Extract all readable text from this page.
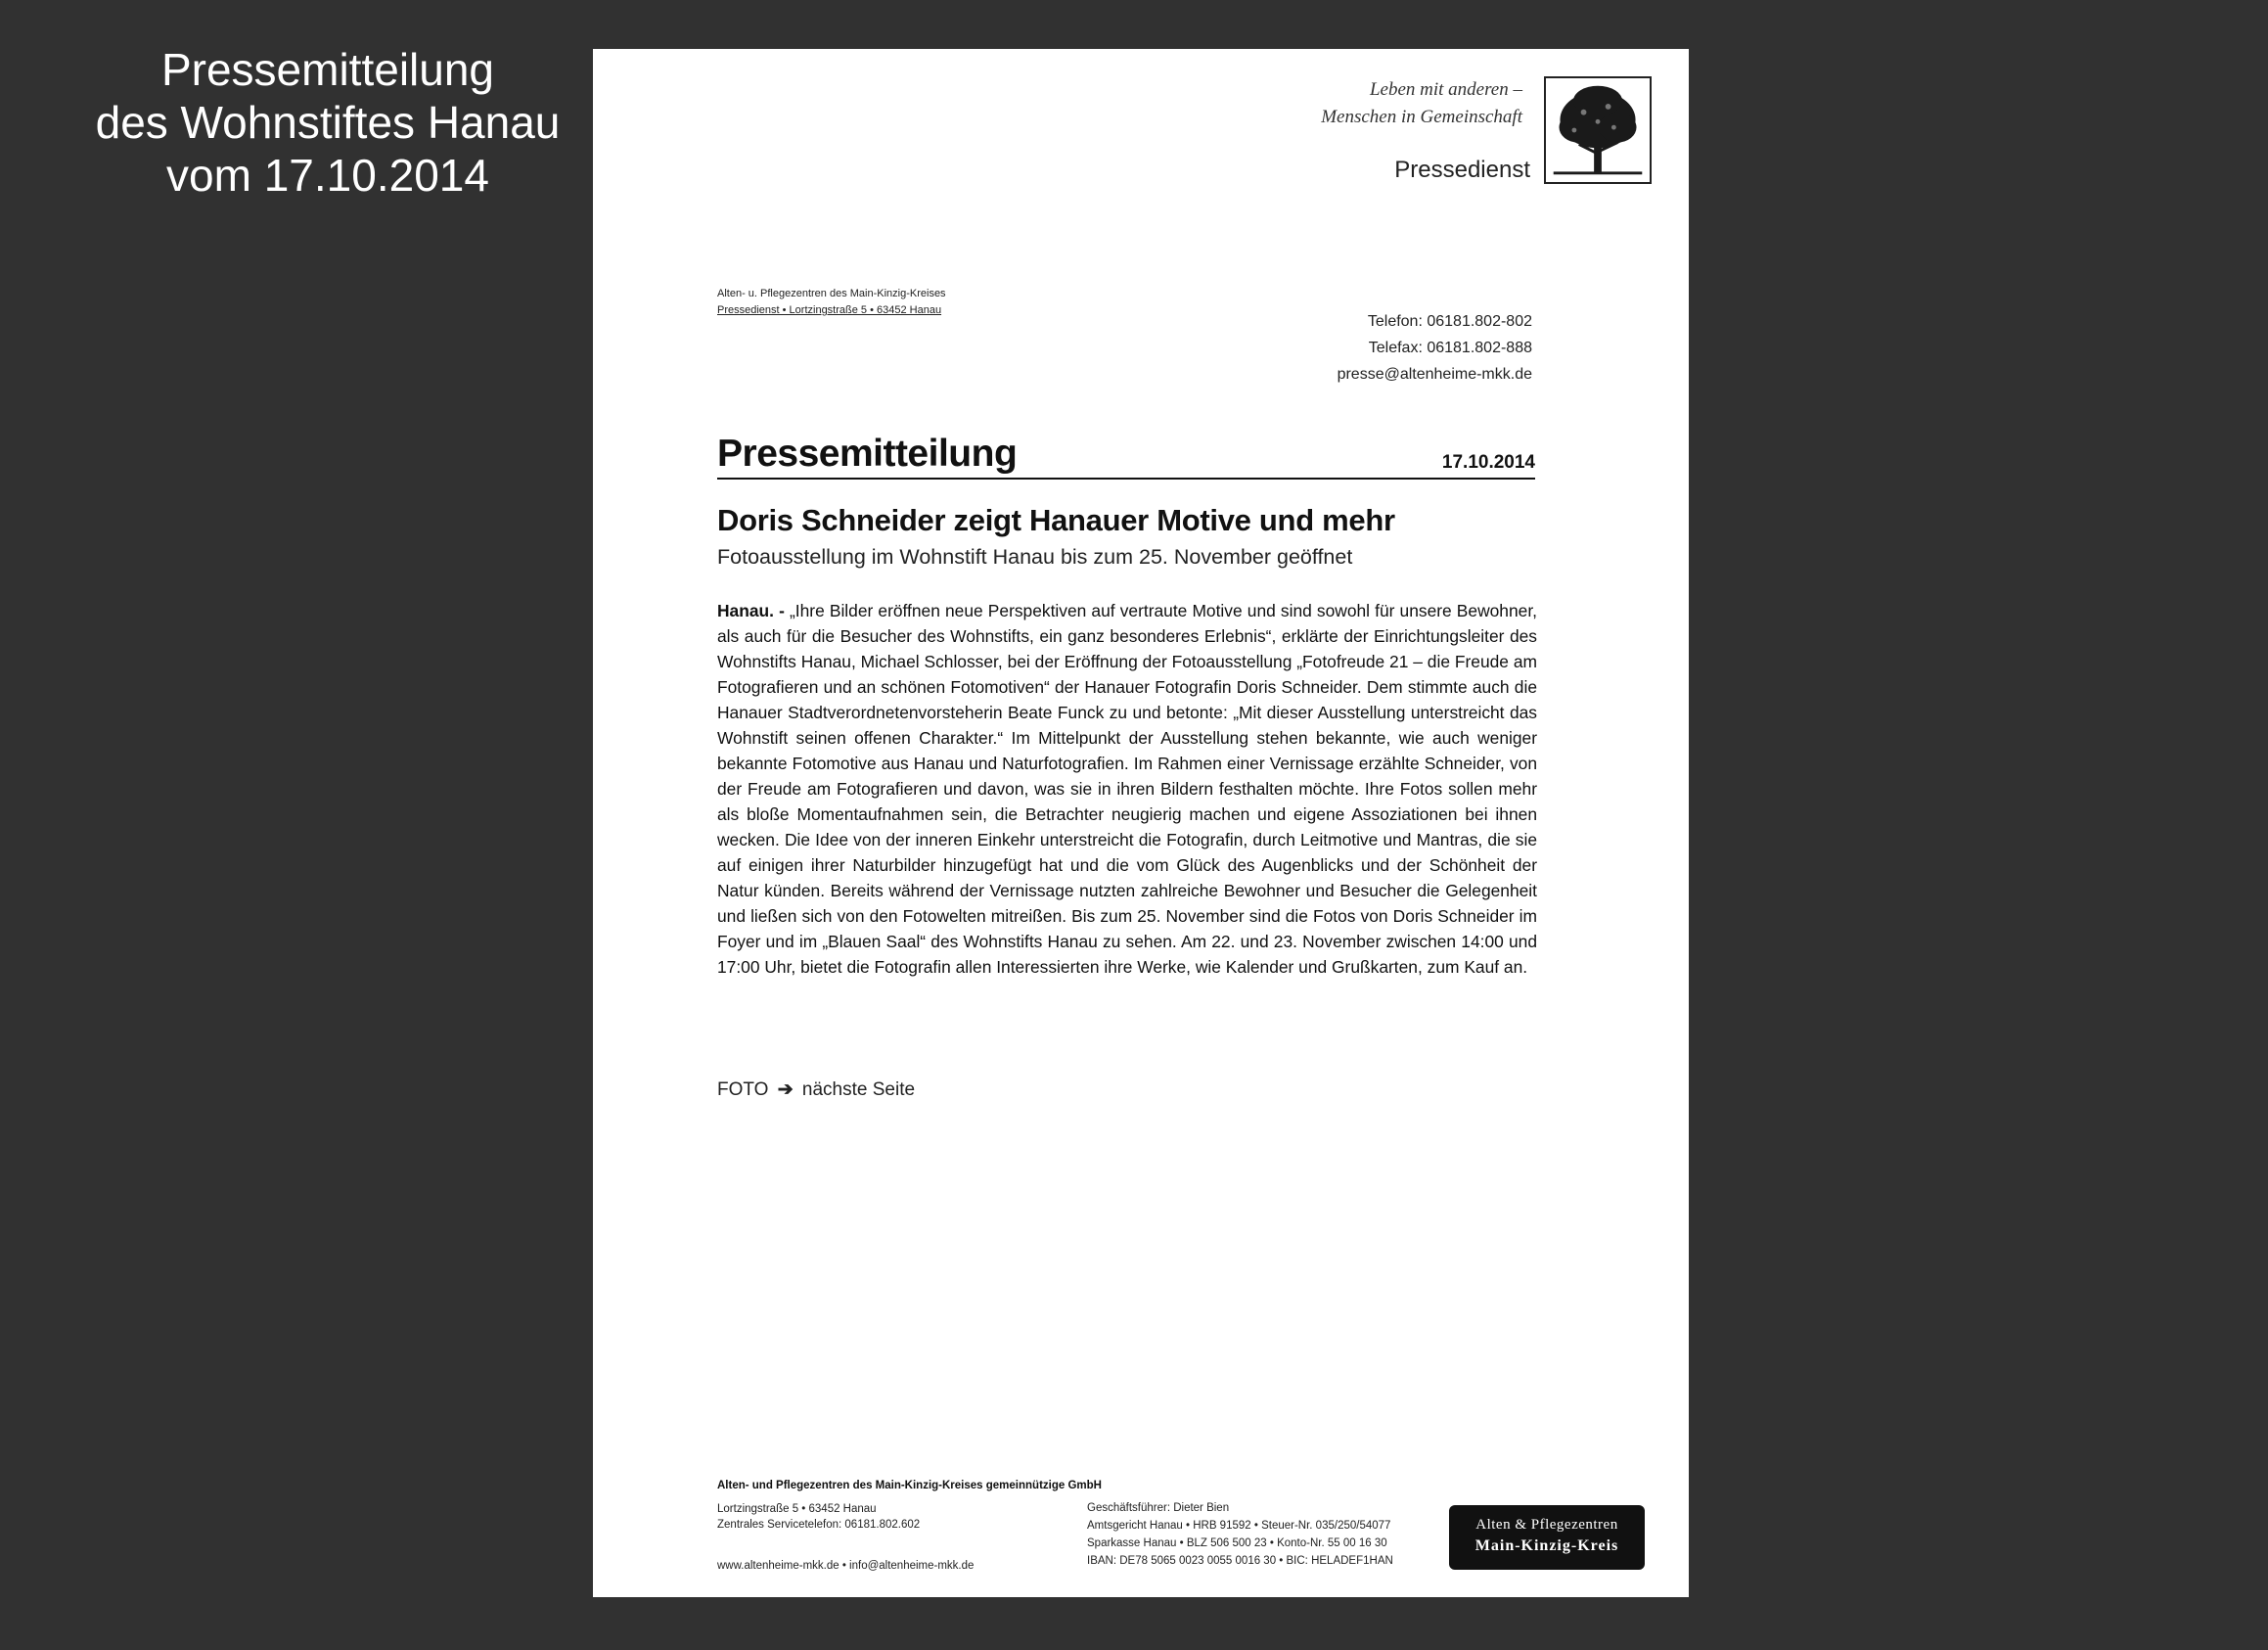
Pressemitteilung
des Wohnstiftes Hanau
vom 17.10.2014
Leben mit anderen –
Menschen in Gemeinschaft
Pressedienst
Alten- u. Pflegezentren des Main-Kinzig-Kreises
Pressedienst • Lortzingstraße 5 • 63452 Hanau
Telefon: 06181.802-802
Telefax: 06181.802-888
presse@altenheime-mkk.de
Pressemitteilung	17.10.2014
Doris Schneider zeigt Hanauer Motive und mehr
Fotoausstellung im Wohnstift Hanau bis zum 25. November geöffnet
Hanau. - „Ihre Bilder eröffnen neue Perspektiven auf vertraute Motive und sind sowohl für unsere Bewohner, als auch für die Besucher des Wohnstifts, ein ganz besonderes Erlebnis“, erklärte der Einrichtungsleiter des Wohnstifts Hanau, Michael Schlosser, bei der Eröffnung der Fotoausstellung „Fotofreude 21 – die Freude am Fotografieren und an schönen Fotomotiven“ der Hanauer Fotografin Doris Schneider. Dem stimmte auch die Hanauer Stadtverordnetenvorsteherin Beate Funck zu und betonte: „Mit dieser Ausstellung unterstreicht das Wohnstift seinen offenen Charakter.“ Im Mittelpunkt der Ausstellung stehen bekannte, wie auch weniger bekannte Fotomotive aus Hanau und Naturfotografien. Im Rahmen einer Vernissage erzählte Schneider, von der Freude am Fotografieren und davon, was sie in ihren Bildern festhalten möchte. Ihre Fotos sollen mehr als bloße Momentaufnahmen sein, die Betrachter neugierig machen und eigene Assoziationen bei ihnen wecken. Die Idee von der inneren Einkehr unterstreicht die Fotografin, durch Leitmotive und Mantras, die sie auf einigen ihrer Naturbilder hinzugefügt hat und die vom Glück des Augenblicks und der Schönheit der Natur künden. Bereits während der Vernissage nutzten zahlreiche Bewohner und Besucher die Gelegenheit und ließen sich von den Fotowelten mitreißen. Bis zum 25. November sind die Fotos von Doris Schneider im Foyer und im „Blauen Saal“ des Wohnstifts Hanau zu sehen. Am 22. und 23. November zwischen 14:00 und 17:00 Uhr, bietet die Fotografin allen Interessierten ihre Werke, wie Kalender und Grußkarten, zum Kauf an.
FOTO ➔ nächste Seite
Alten- und Pflegezentren des Main-Kinzig-Kreises gemeinnützige GmbH
Lortzingstraße 5 • 63452 Hanau
Zentrales Servicetelefon: 06181.802.602
www.altenheime-mkk.de • info@altenheime-mkk.de
Geschäftsführer: Dieter Bien
Amtsgericht Hanau • HRB 91592 • Steuer-Nr. 035/250/54077
Sparkasse Hanau • BLZ 506 500 23 • Konto-Nr. 55 00 16 30
IBAN: DE78 5065 0023 0055 0016 30 • BIC: HELADEF1HAN
Alten & Pflegezentren
Main-Kinzig-Kreis
